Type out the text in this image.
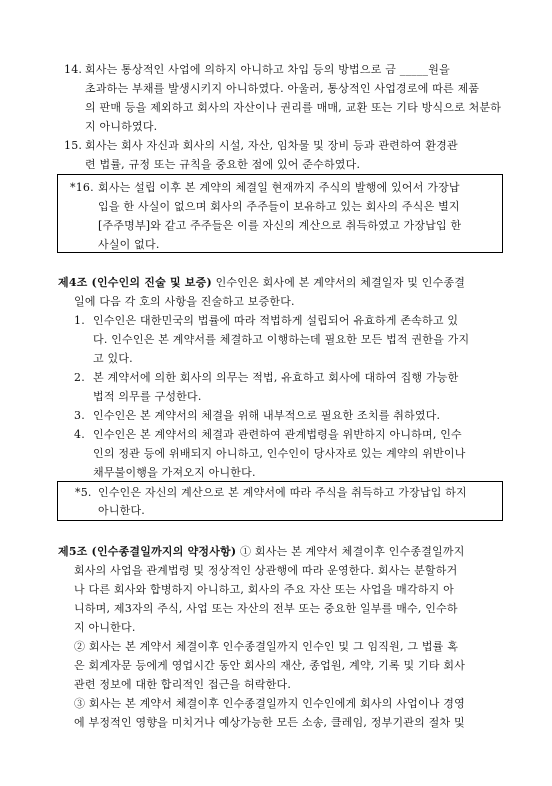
14. 회사는 통상적인 사업에 의하지 아니하고 차입 등의 방법으로 금 _____원을
초과하는 부채를 발생시키지 아니하였다. 아울러, 통상적인 사업경로에 따른 제품
의 판매 등을 제외하고 회사의 자산이나 권리를 매매, 교환 또는 기타 방식으로 처분하
지 아니하였다.
15. 회사는 회사 자신과 회사의 시설, 자산, 임차물 및 장비 등과 관련하여 환경관
련 법률, 규정 또는 규칙을 중요한 점에 있어 준수하였다.
*16. 회사는 설립 이후 본 계약의 체결일 현재까지 주식의 발행에 있어서 가장납
입을 한 사실이 없으며 회사의 주주들이 보유하고 있는 회사의 주식은 별지
[주주명부]와 같고 주주들은 이를 자신의 계산으로 취득하였고 가장납입 한
사실이 없다.
제4조 (인수인의 진술 및 보증) 인수인은 회사에 본 계약서의 체결일자 및 인수종결
일에 다음 각 호의 사항을 진술하고 보증한다.
1. 인수인은 대한민국의 법률에 따라 적법하게 설립되어 유효하게 존속하고 있
다. 인수인은 본 계약서를 체결하고 이행하는데 필요한 모든 법적 권한을 가지
고 있다.
2. 본 계약서에 의한 회사의 의무는 적법, 유효하고 회사에 대하여 집행 가능한
법적 의무를 구성한다.
3. 인수인은 본 계약서의 체결을 위해 내부적으로 필요한 조치를 취하였다.
4. 인수인은 본 계약서의 체결과 관련하여 관계법령을 위반하지 아니하며, 인수
인의 정관 등에 위배되지 아니하고, 인수인이 당사자로 있는 계약의 위반이나
채무불이행을 가져오지 아니한다.
*5. 인수인은 자신의 계산으로 본 계약서에 따라 주식을 취득하고 가장납입 하지
아니한다.
제5조 (인수종결일까지의 약정사항) ① 회사는 본 계약서 체결이후 인수종결일까지
회사의 사업을 관계법령 및 정상적인 상관행에 따라 운영한다. 회사는 분할하거
나 다른 회사와 합병하지 아니하고, 회사의 주요 자산 또는 사업을 매각하지 아
니하며, 제3자의 주식, 사업 또는 자산의 전부 또는 중요한 일부를 매수, 인수하
지 아니한다.
② 회사는 본 계약서 체결이후 인수종결일까지 인수인 및 그 임직원, 그 법률 혹
은 회계자문 등에게 영업시간 동안 회사의 재산, 종업원, 계약, 기록 및 기타 회사
관련 정보에 대한 합리적인 접근을 허락한다.
③ 회사는 본 계약서 체결이후 인수종결일까지 인수인에게 회사의 사업이나 경영
에 부정적인 영향을 미치거나 예상가능한 모든 소송, 클레임, 정부기관의 절차 및
